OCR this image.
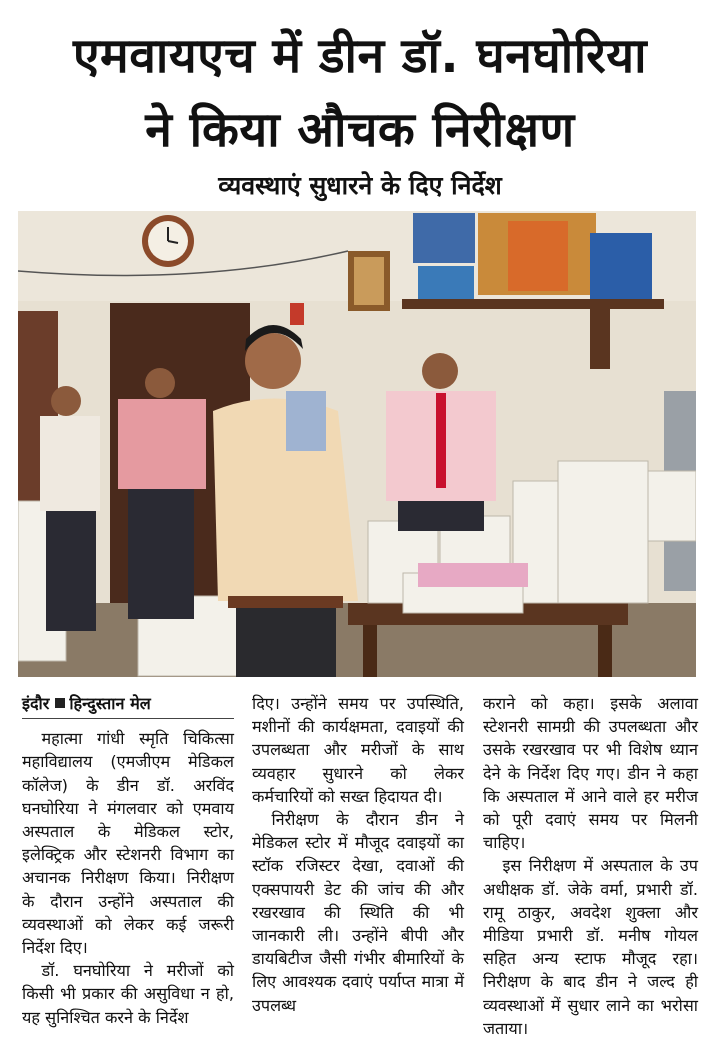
एमवायएच में डीन डॉ. घनघोरिया
ने किया औचक निरीक्षण
व्यवस्थाएं सुधारने के दिए निर्देश
इंदौर हिन्दुस्तान मेल

महात्मा गांधी स्मृति चिकित्सा महाविद्यालय (एमजीएम मेडिकल कॉलेज) के डीन डॉ. अरविंद घनघोरिया ने मंगलवार को एमवाय अस्पताल के मेडिकल स्टोर, इलेक्ट्रिक और स्टेशनरी विभाग का अचानक निरीक्षण किया। निरीक्षण के दौरान उन्होंने अस्पताल की व्यवस्थाओं को लेकर कई जरूरी निर्देश दिए।

डॉ. घनघोरिया ने मरीजों को किसी भी प्रकार की असुविधा न हो, यह सुनिश्चित करने के निर्देश

दिए। उन्होंने समय पर उपस्थिति, मशीनों की कार्यक्षमता, दवाइयों की उपलब्धता और मरीजों के साथ व्यवहार सुधारने को लेकर कर्मचारियों को सख्त हिदायत दी।

निरीक्षण के दौरान डीन ने मेडिकल स्टोर में मौजूद दवाइयों का स्टॉक रजिस्टर देखा, दवाओं की एक्सपायरी डेट की जांच की और रखरखाव की स्थिति की भी जानकारी ली। उन्होंने बीपी और डायबिटीज जैसी गंभीर बीमारियों के लिए आवश्यक दवाएं पर्याप्त मात्रा में उपलब्ध

कराने को कहा। इसके अलावा स्टेशनरी सामग्री की उपलब्धता और उसके रखरखाव पर भी विशेष ध्यान देने के निर्देश दिए गए। डीन ने कहा कि अस्पताल में आने वाले हर मरीज को पूरी दवाएं समय पर मिलनी चाहिए।

इस निरीक्षण में अस्पताल के उप अधीक्षक डॉ. जेके वर्मा, प्रभारी डॉ. रामू ठाकुर, अवदेश शुक्ला और मीडिया प्रभारी डॉ. मनीष गोयल सहित अन्य स्टाफ मौजूद रहा। निरीक्षण के बाद डीन ने जल्द ही व्यवस्थाओं में सुधार लाने का भरोसा जताया।
